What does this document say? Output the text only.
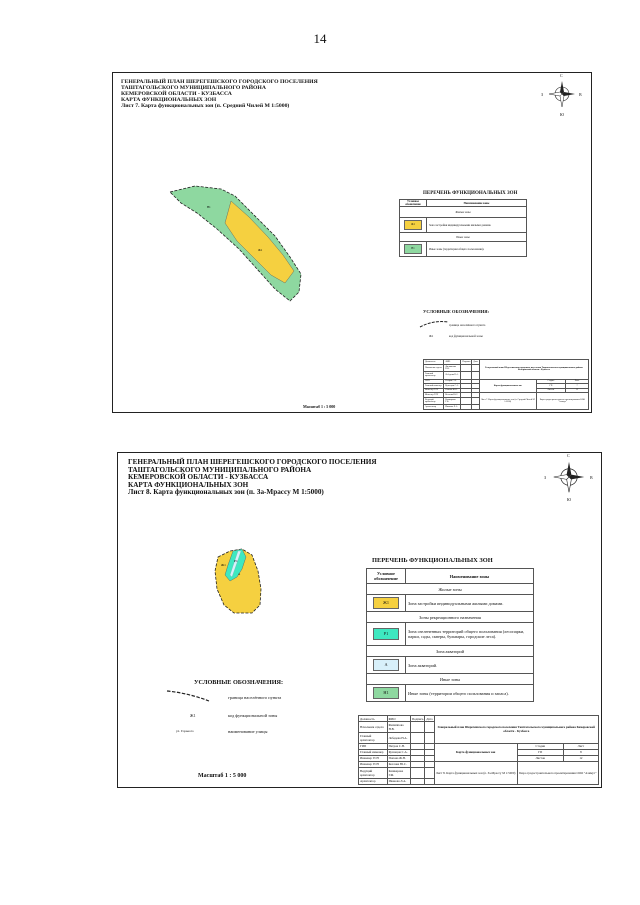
14
ГЕНЕРАЛЬНЫЙ ПЛАН ШЕРЕГЕШСКОГО ГОРОДСКОГО ПОСЕЛЕНИЯ
ТАШТАГОЛЬСКОГО МУНИЦИПАЛЬНОГО РАЙОНА
КЕМЕРОВСКОЙ ОБЛАСТИ - КУЗБАССА
КАРТА ФУНКЦИОНАЛЬНЫХ ЗОН
Лист 7. Карта функциональных зон (п. Средний Чилей М 1:5000)
С
Ю
З	В
Н1
Ж1
ПЕРЕЧЕНЬ ФУНКЦИОНАЛЬНЫХ ЗОН
Условное обозначение	Наименование зоны
Жилые зоны	
Ж1	Зона застройки индивидуальными жилыми домами.
Иные зоны	
Н1	Иные зоны (территории общего пользования).
УСЛОВНЫЕ ОБОЗНАЧЕНИЯ:
граница населённого пункта
Ж1	код функциональной зоны
Масштаб 1 : 5 000
Должность	ФИО	Подпись	Дата	Генеральный план Шерегешского городского поселения Таштагольского муниципального района Кемеровской области - Кузбасса		
Начальник отдела	Филиппова Н.В.					
Главный архитектор	Лебедева Н.А.					
ГИП	Петров С.Н.			Карта функциональных зон	Стадия	Лист
Главный инженер	Кузнецов С.А.				ГП	7
Инженер ГСН	Попова Ж.Н.				Листов	12
Инженер ГСН	Козлова Ю.С.			Лист 7. Карта функциональных зон (п. Средний Чилей М 1:5000)	Бюро градостроительного проектирования ООО "Азимут"	
Ведущий архитектор	Кашкарова Г.Ф.					
Архитектор	Иванова Л.А.					
ГЕНЕРАЛЬНЫЙ ПЛАН ШЕРЕГЕШСКОГО ГОРОДСКОГО ПОСЕЛЕНИЯ
ТАШТАГОЛЬСКОГО МУНИЦИПАЛЬНОГО РАЙОНА
КЕМЕРОВСКОЙ ОБЛАСТИ - КУЗБАССА
КАРТА ФУНКЦИОНАЛЬНЫХ ЗОН
Лист 8. Карта функциональных зон (п. За-Мрассу М 1:5000)
С
Ю
З	В
Ж1
Р1
А
ПЕРЕЧЕНЬ ФУНКЦИОНАЛЬНЫХ ЗОН
Условное обозначение	Наименование зоны
Жилые зоны	
Ж1	Зона застройки индивидуальными жилыми домами.
Зоны рекреационного назначения	
Р1	Зона озелененных территорий общего пользования (лесопарки, парки, сады, скверы, бульвары, городские леса).
Зона акваторий	
А	Зона акваторий.
Иные зоны	
Н1	Иные зоны (территории общего пользования и запаса).
УСЛОВНЫЕ ОБОЗНАЧЕНИЯ:
граница населённого пункта
Ж1	код функциональной зоны
ул. Горького	наименование улицы
Масштаб 1 : 5 000
Должность	ФИО	Подпись	Дата	Генеральный план Шерегешского городского поселения Таштагольского муниципального района Кемеровской области - Кузбасса		
Начальник отдела	Филиппова Н.В.					
Главный архитектор	Лебедева Н.А.					
ГИП	Петров С.Н.			Карта функциональных зон	Стадия	Лист
Главный инженер	Кузнецов С.А.				ГП	8
Инженер ГСН	Попова Ж.Н.				Листов	12
Инженер ГСН	Козлова Ю.С.			Лист 8. Карта функциональных зон (п. За-Мрассу М 1:5000)	Бюро градостроительного проектирования ООО "Азимут"	
Ведущий архитектор	Кашкарова Г.Ф.					
Архитектор	Иванова Л.А.					
